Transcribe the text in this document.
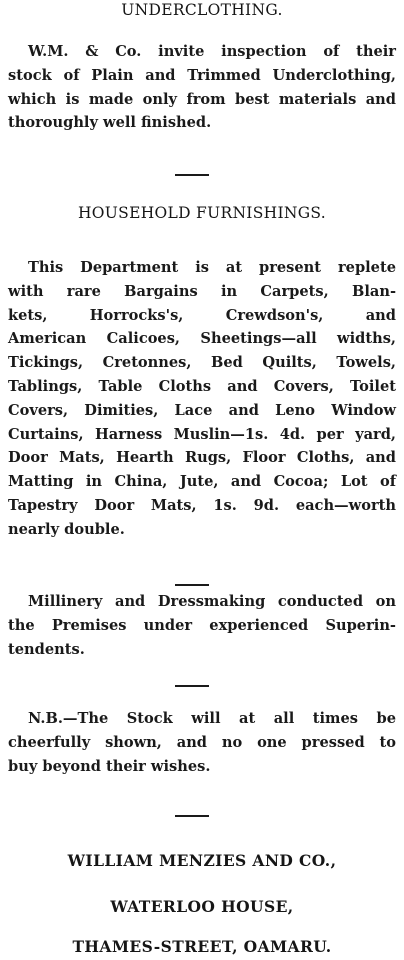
UNDERCLOTHING.
W.M. & Co. invite inspection of their
stock of Plain and Trimmed Underclothing,
which is made only from best materials and
thoroughly well finished.
HOUSEHOLD FURNISHINGS.
This Department is at present replete
with rare Bargains in Carpets, Blan-
kets, Horrocks's, Crewdson's, and
American Calicoes, Sheetings—all widths,
Tickings, Cretonnes, Bed Quilts, Towels,
Tablings, Table Cloths and Covers, Toilet
Covers, Dimities, Lace and Leno Window
Curtains, Harness Muslin—1s. 4d. per yard,
Door Mats, Hearth Rugs, Floor Cloths, and
Matting in China, Jute, and Cocoa; Lot of
Tapestry Door Mats, 1s. 9d. each—worth
nearly double.
Millinery and Dressmaking conducted on
the Premises under experienced Superin-
tendents.
N.B.—The Stock will at all times be
cheerfully shown, and no one pressed to
buy beyond their wishes.
WILLIAM MENZIES AND CO.,
WATERLOO HOUSE,
THAMES-STREET, OAMARU.
